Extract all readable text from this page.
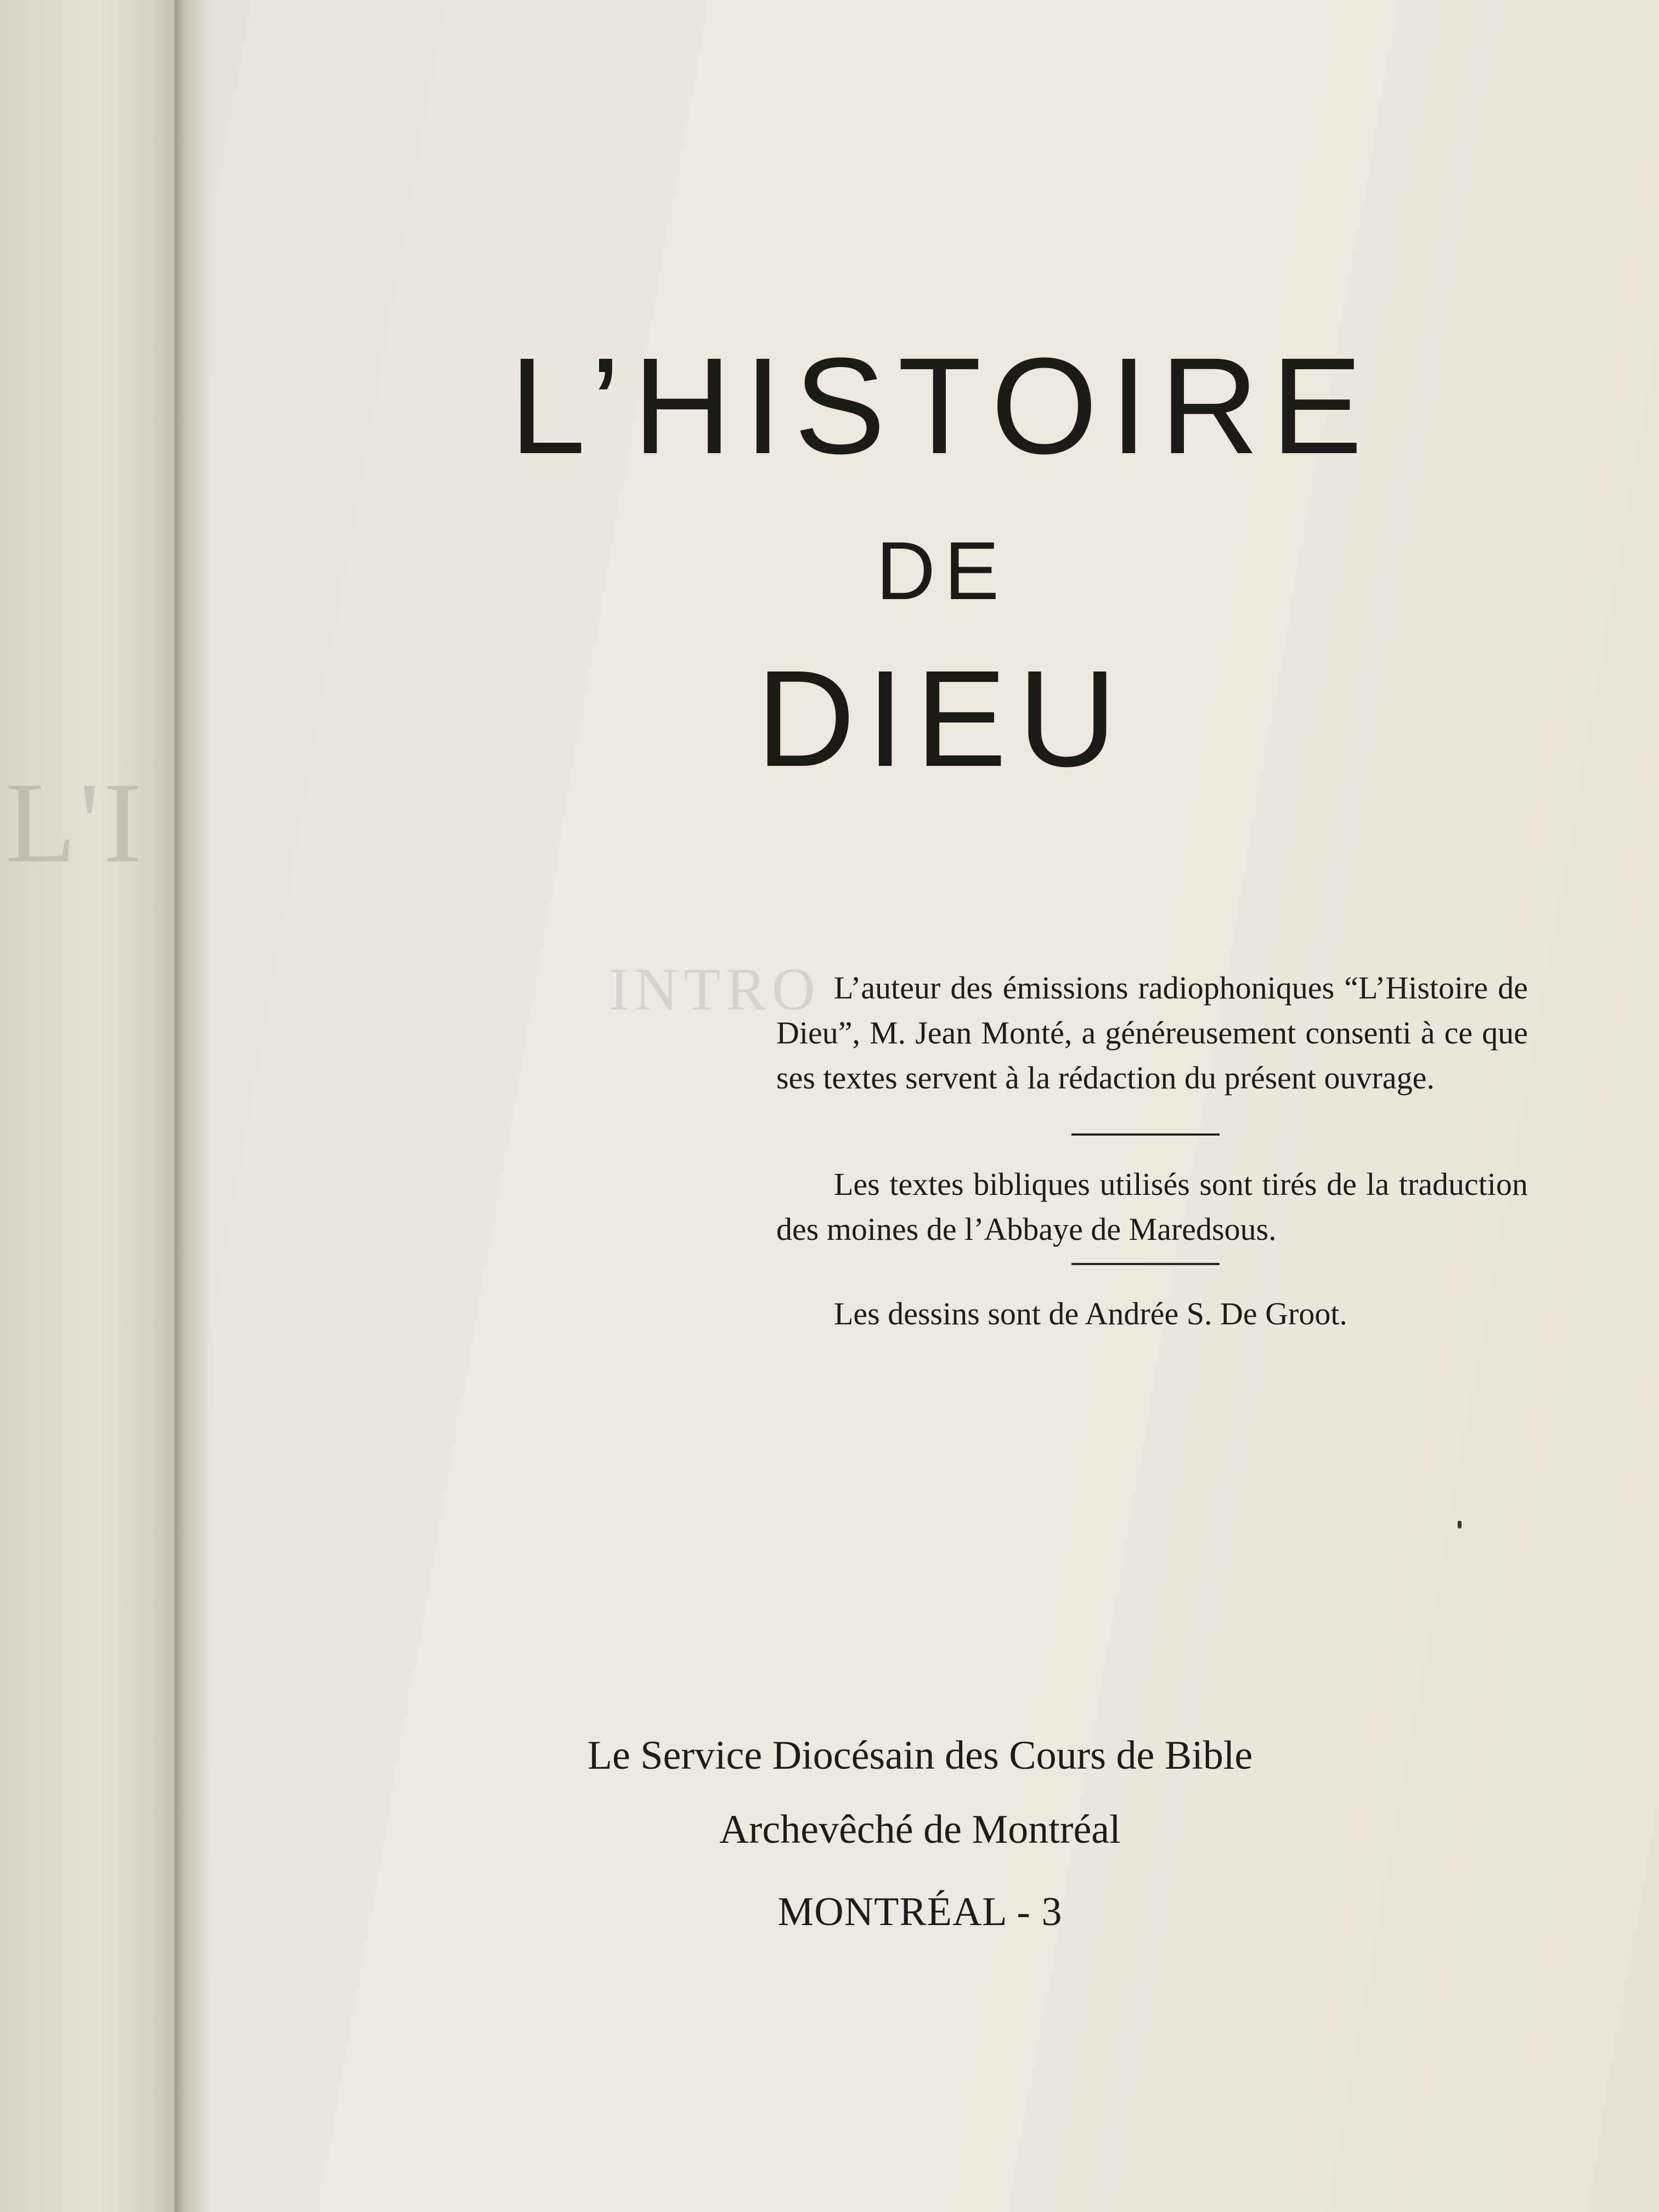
L'I
L’HISTOIRE
DE
DIEU
INTRO L’auteur des émissions radiophoniques “L’Histoire de Dieu”, M. Jean Monté, a généreusement consenti à ce que ses textes servent à la rédaction du présent ouvrage.

Les textes bibliques utilisés sont tirés de la traduction des moines de l’Abbaye de Maredsous.

Les dessins sont de Andrée S. De Groot.

Le Service Diocésain des Cours de Bible
Archevêché de Montréal
MONTRÉAL - 3
